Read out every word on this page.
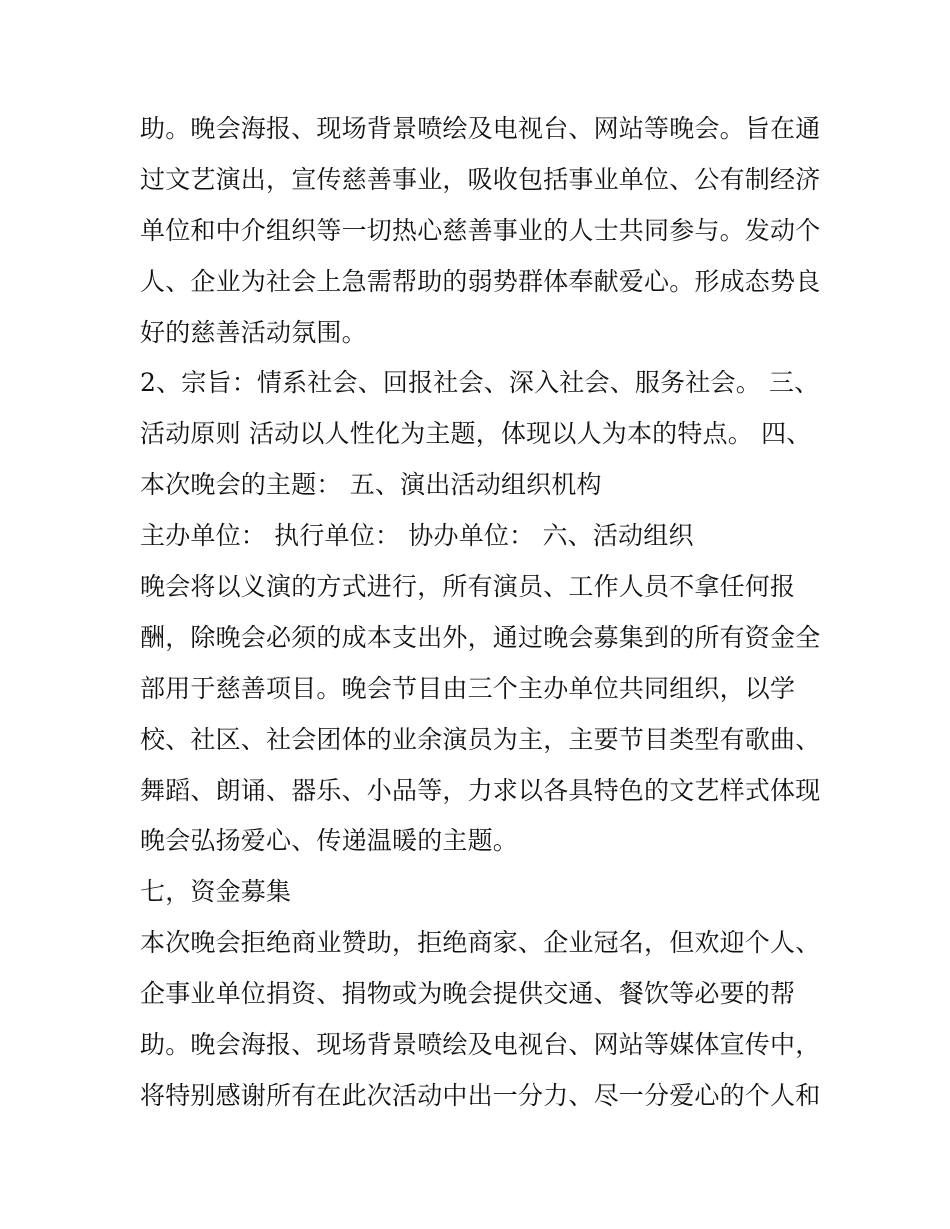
助。晚会海报、现场背景喷绘及电视台、网站等晚会。旨在通
过文艺演出，宣传慈善事业，吸收包括事业单位、公有制经济
单位和中介组织等一切热心慈善事业的人士共同参与。发动个
人、企业为社会上急需帮助的弱势群体奉献爱心。形成态势良
好的慈善活动氛围。
2、宗旨：情系社会、回报社会、深入社会、服务社会。 三、
活动原则 活动以人性化为主题，体现以人为本的特点。 四、
本次晚会的主题： 五、演出活动组织机构
主办单位： 执行单位： 协办单位： 六、活动组织
晚会将以义演的方式进行，所有演员、工作人员不拿任何报
酬，除晚会必须的成本支出外，通过晚会募集到的所有资金全
部用于慈善项目。晚会节目由三个主办单位共同组织，以学
校、社区、社会团体的业余演员为主，主要节目类型有歌曲、
舞蹈、朗诵、器乐、小品等，力求以各具特色的文艺样式体现
晚会弘扬爱心、传递温暖的主题。
七，资金募集
本次晚会拒绝商业赞助，拒绝商家、企业冠名，但欢迎个人、
企事业单位捐资、捐物或为晚会提供交通、餐饮等必要的帮
助。晚会海报、现场背景喷绘及电视台、网站等媒体宣传中，
将特别感谢所有在此次活动中出一分力、尽一分爱心的个人和
